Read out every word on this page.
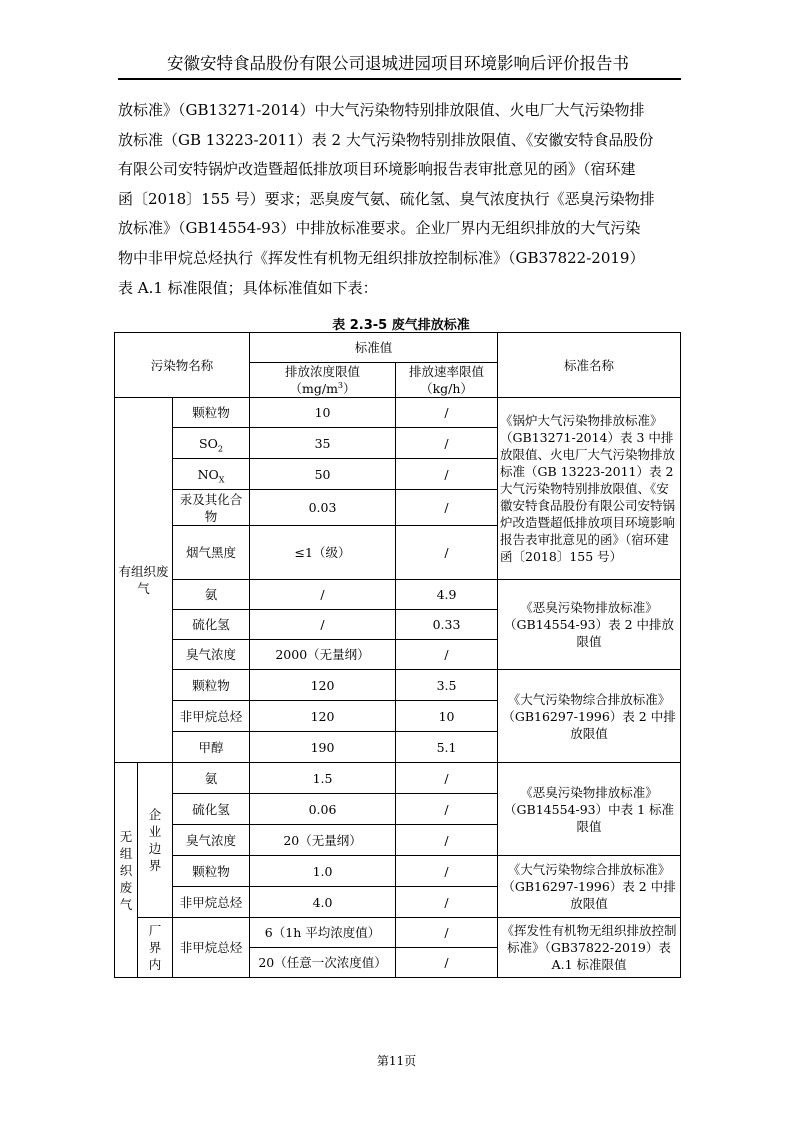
安徽安特食品股份有限公司退城进园项目环境影响后评价报告书

放标准》（GB13271-2014）中大气污染物特别排放限值、火电厂大气污染物排

放标准（GB 13223-2011）表 2 大气污染物特别排放限值、《安徽安特食品股份

有限公司安特锅炉改造暨超低排放项目环境影响报告表审批意见的函》（宿环建

函〔2018〕155 号）要求；恶臭废气氨、硫化氢、臭气浓度执行《恶臭污染物排

放标准》（GB14554-93）中排放标准要求。企业厂界内无组织排放的大气污染

物中非甲烷总烃执行《挥发性有机物无组织排放控制标准》（GB37822-2019）

表 A.1 标准限值；具体标准值如下表：

表 2.3-5 废气排放标准
污染物名称			标准值		标准名称
			排放浓度限值$(mg/m^3)$	排放速率限值（kg/h）	
有组织废气		颗粒物	10	/	《锅炉大气污染物排放标准》（GB13271-2014）表 3 中排放限值、火电厂大气污染物排放标准（GB 13223-2011）表 2 大气污染物特别排放限值、《安徽安特食品股份有限公司安特锅炉改造暨超低排放项目环境影响报告表审批意见的函》（宿环建函〔2018〕155 号）
		$SO_2$	35	/	
		$NO_X$	50	/	
		汞及其化合物	0.03	/	
		烟气黑度	≤1（级）	/	
		氨	/	4.9	《恶臭污染物排放标准》（GB14554-93）表 2 中排放限值
		硫化氢	/	0.33	
		臭气浓度	2000（无量纲）	/	
		颗粒物	120	3.5	《大气污染物综合排放标准》（GB16297-1996）表 2 中排放限值
		非甲烷总烃	120	10	
		甲醇	190	5.1	
无组织废气	企业边界	氨	1.5	/	《恶臭污染物排放标准》（GB14554-93）中表 1 标准限值
		硫化氢	0.06	/	
		臭气浓度	20（无量纲）	/	
		颗粒物	1.0	/	《大气污染物综合排放标准》（GB16297-1996）表 2 中排放限值
		非甲烷总烃	4.0	/	
	厂界内	非甲烷总烃	6（1h 平均浓度值）	/	《挥发性有机物无组织排放控制标准》（GB37822-2019）表 A.1 标准限值
			20（任意一次浓度值）	/	
第11页
